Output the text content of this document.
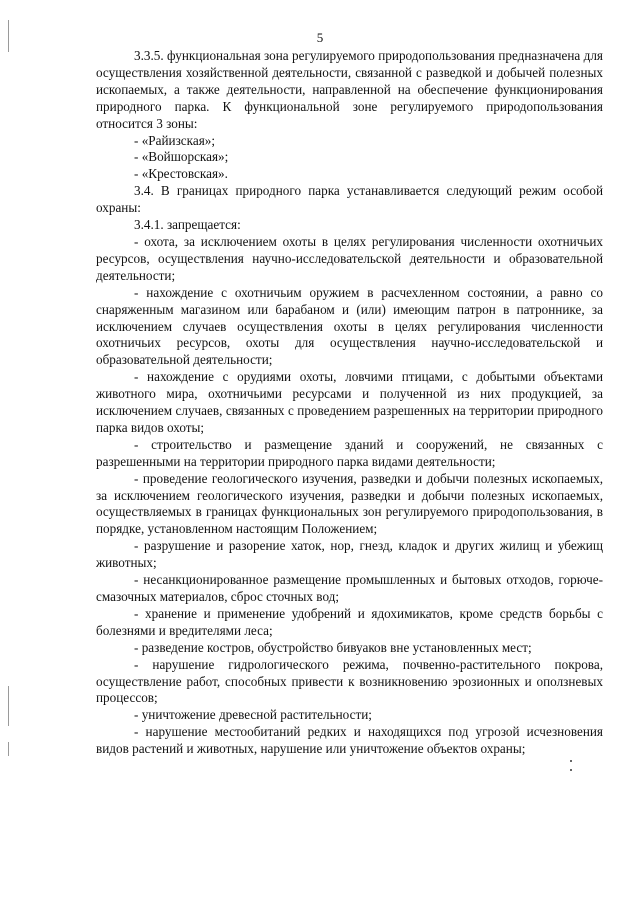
5

3.3.5. функциональная зона регулируемого природопользования предназначена для осуществления хозяйственной деятельности, связанной с разведкой и добычей полезных ископаемых, а также деятельности, направленной на обеспечение функционирования природного парка. К функциональной зоне регулируемого природопользования относится 3 зоны:

- «Райизская»;

- «Войшорская»;

- «Крестовская».

3.4. В границах природного парка устанавливается следующий режим особой охраны:

3.4.1. запрещается:

- охота, за исключением охоты в целях регулирования численности охотничьих ресурсов, осуществления научно-исследовательской деятельности и образовательной деятельности;

- нахождение с охотничьим оружием в расчехленном состоянии, а равно со снаряженным магазином или барабаном и (или) имеющим патрон в патроннике, за исключением случаев осуществления охоты в целях регулирования численности охотничьих ресурсов, охоты для осуществления научно-исследовательской и образовательной деятельности;

- нахождение с орудиями охоты, ловчими птицами, с добытыми объектами животного мира, охотничьими ресурсами и полученной из них продукцией, за исключением случаев, связанных с проведением разрешенных на территории природного парка видов охоты;

- строительство и размещение зданий и сооружений, не связанных с разрешенными на территории природного парка видами деятельности;

- проведение геологического изучения, разведки и добычи полезных ископаемых, за исключением геологического изучения, разведки и добычи полезных ископаемых, осуществляемых в границах функциональных зон регулируемого природопользования, в порядке, установленном настоящим Положением;

- разрушение и разорение хаток, нор, гнезд, кладок и других жилищ и убежищ животных;

- несанкционированное размещение промышленных и бытовых отходов, горюче-смазочных материалов, сброс сточных вод;

- хранение и применение удобрений и ядохимикатов, кроме средств борьбы с болезнями и вредителями леса;

- разведение костров, обустройство бивуаков вне установленных мест;

- нарушение гидрологического режима, почвенно-растительного покрова, осуществление работ, способных привести к возникновению эрозионных и оползневых процессов;

- уничтожение древесной растительности;

- нарушение местообитаний редких и находящихся под угрозой исчезновения видов растений и животных, нарушение или уничтожение объектов охраны;
